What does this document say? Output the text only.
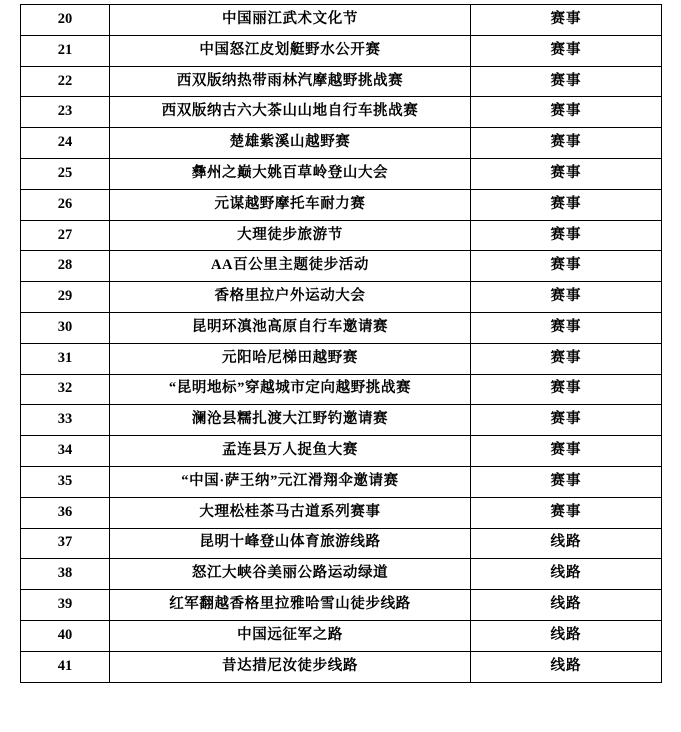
20	中国丽江武术文化节	赛事
21	中国怒江皮划艇野水公开赛	赛事
22	西双版纳热带雨林汽摩越野挑战赛	赛事
23	西双版纳古六大茶山山地自行车挑战赛	赛事
24	楚雄紫溪山越野赛	赛事
25	彝州之巅大姚百草岭登山大会	赛事
26	元谋越野摩托车耐力赛	赛事
27	大理徒步旅游节	赛事
28	AA百公里主题徒步活动	赛事
29	香格里拉户外运动大会	赛事
30	昆明环滇池高原自行车邀请赛	赛事
31	元阳哈尼梯田越野赛	赛事
32	“昆明地标”穿越城市定向越野挑战赛	赛事
33	澜沧县糯扎渡大江野钓邀请赛	赛事
34	孟连县万人捉鱼大赛	赛事
35	“中国·萨王纳”元江滑翔伞邀请赛	赛事
36	大理松桂茶马古道系列赛事	赛事
37	昆明十峰登山体育旅游线路	线路
38	怒江大峡谷美丽公路运动绿道	线路
39	红军翻越香格里拉雅哈雪山徒步线路	线路
40	中国远征军之路	线路
41	昔达措尼汝徒步线路	线路
